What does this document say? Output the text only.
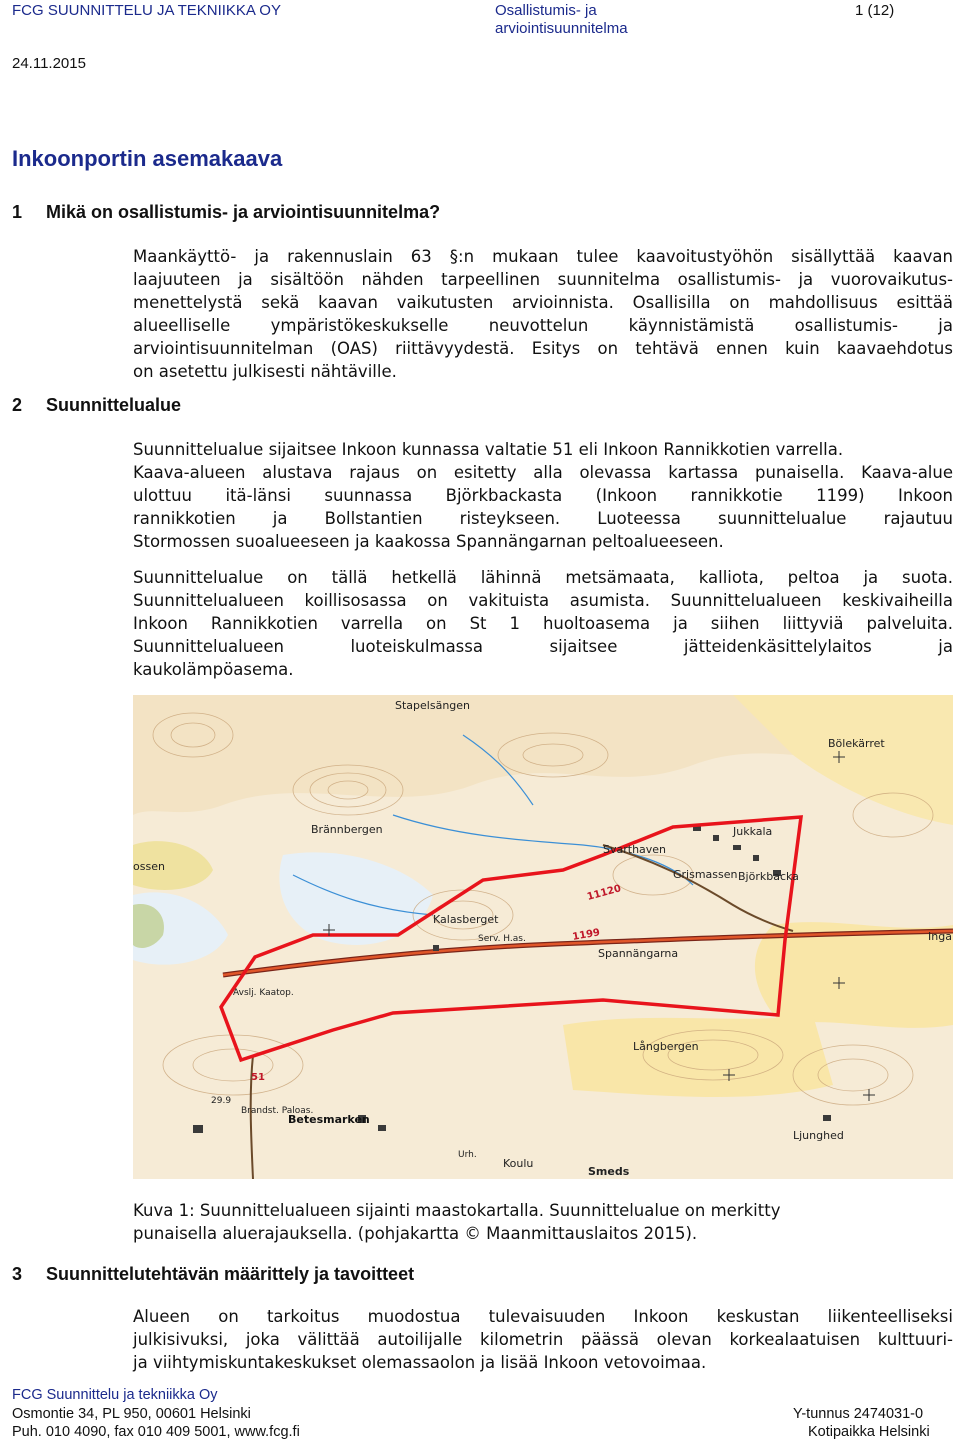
FCG SUUNNITTELU JA TEKNIIKKA OY	Osallistumis- ja
arviointisuunnitelma
1 (12)
24.11.2015
Inkoonportin asemakaava
1 Mikä on osallistumis- ja arviointisuunnitelma?
Maankäyttö- ja rakennuslain 63 §:n mukaan tulee kaavoitustyöhön sisällyttää kaavan
laajuuteen ja sisältöön nähden tarpeellinen suunnitelma osallistumis- ja vuorovaikutus-
menettelystä sekä kaavan vaikutusten arvioinnista. Osallisilla on mahdollisuus esittää
alueelliselle ympäristökeskukselle neuvottelun käynnistämistä osallistumis- ja
arviointisuunnitelman (OAS) riittävyydestä. Esitys on tehtävä ennen kuin kaavaehdotus
on asetettu julkisesti nähtäville.
2 Suunnittelualue
Suunnittelualue sijaitsee Inkoon kunnassa valtatie 51 eli Inkoon Rannikkotien varrella.
Kaava-alueen alustava rajaus on esitetty alla olevassa kartassa punaisella. Kaava-alue
ulottuu itä-länsi suunnassa Björkbackasta (Inkoon rannikkotie 1199) Inkoon
rannikkotien ja Bollstantien risteykseen. Luoteessa suunnittelualue rajautuu
Stormossen suoalueeseen ja kaakossa Spannängarnan peltoalueeseen.
Suunnittelualue on tällä hetkellä lähinnä metsämaata, kalliota, peltoa ja suota.
Suunnittelualueen koillisosassa on vakituista asumista. Suunnittelualueen keskivaiheilla
Inkoon Rannikkotien varrella on St 1 huoltoasema ja siihen liittyviä palveluita.
Suunnittelualueen luoteiskulmassa sijaitsee jätteidenkäsittelylaitos ja
kaukolämpöasema.
Stapelsängen
Bölekärret
Brännbergen
Svarthaven
Jukkala
ossen
Grismassen Björkbacka
Kalasberget
Serv. H.as.
Spannängarna
Avslj. Kaatop.
Långbergen
Brandst. Paloas.
Betesmarken
Ljunghed
Urh.
Koulu
Smeds
Inga
11120
1199
51
29.9
Kuva 1: Suunnittelualueen sijainti maastokartalla. Suunnittelualue on merkitty
punaisella aluerajauksella. (pohjakartta © Maanmittauslaitos 2015).
3 Suunnittelutehtävän määrittely ja tavoitteet
Alueen on tarkoitus muodostua tulevaisuuden Inkoon keskustan liikenteelliseksi
julkisivuksi, joka välittää autoilijalle kilometrin päässä olevan korkealaatuisen kulttuuri-
ja viihtymiskuntakeskukset olemassaolon ja lisää Inkoon vetovoimaa.
FCG Suunnittelu ja tekniikka Oy
Osmontie 34, PL 950, 00601 Helsinki
Puh. 010 4090, fax 010 409 5001, www.fcg.fi
Y-tunnus 2474031-0
Kotipaikka Helsinki
